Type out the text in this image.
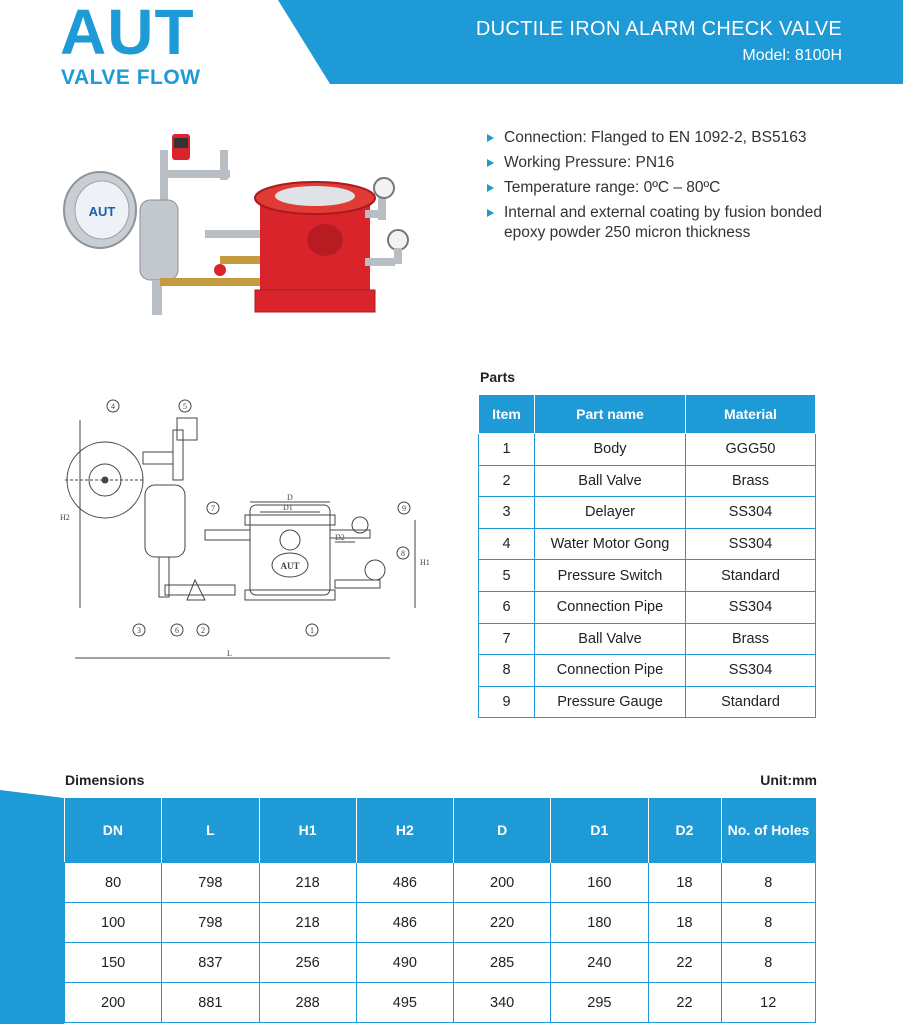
AUT
VALVE FLOW
DUCTILE IRON ALARM CHECK VALVE
Model: 8100H
AUT
Connection: Flanged to EN 1092-2, BS5163
Working Pressure: PN16
Temperature range: 0ºC – 80ºC
Internal and external coating by fusion bonded epoxy powder 250 micron thickness
AUT
D
D1
D2
H1
H2
L
4	5
7	9
8
3	6	2	1
Parts
Item	Part name	Material
1	Body	GGG50
2	Ball Valve	Brass
3	Delayer	SS304
4	Water Motor Gong	SS304
5	Pressure Switch	Standard
6	Connection Pipe	SS304
7	Ball Valve	Brass
8	Connection Pipe	SS304
9	Pressure Gauge	Standard
Dimensions	Unit:mm
DN	L	H1	H2	D	D1	D2	No. of Holes
80	798	218	486	200	160	18	8
100	798	218	486	220	180	18	8
150	837	256	490	285	240	22	8
200	881	288	495	340	295	22	12
